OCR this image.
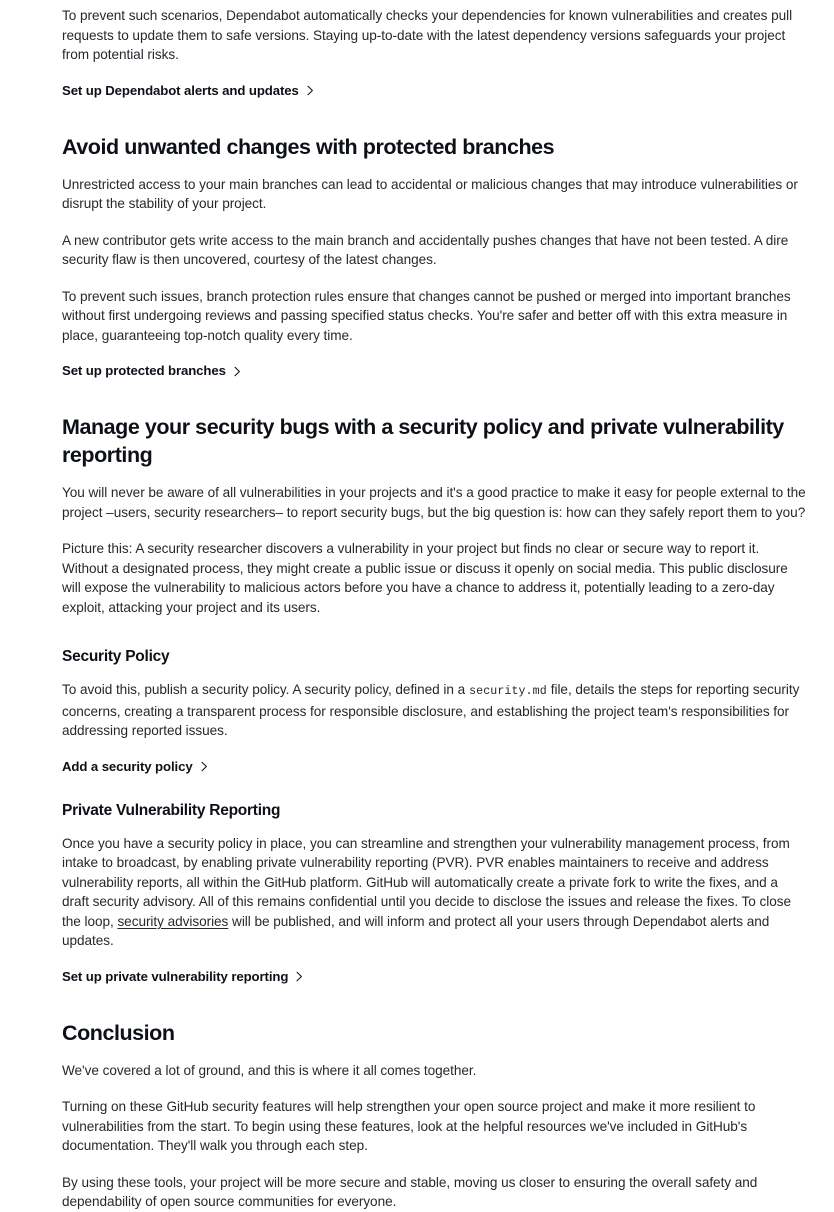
To prevent such scenarios, Dependabot automatically checks your dependencies for known vulnerabilities and creates pull requests to update them to safe versions. Staying up-to-date with the latest dependency versions safeguards your project from potential risks.

Set up Dependabot alerts and updates
Avoid unwanted changes with protected branches

Unrestricted access to your main branches can lead to accidental or malicious changes that may introduce vulnerabilities or disrupt the stability of your project.

A new contributor gets write access to the main branch and accidentally pushes changes that have not been tested. A dire security flaw is then uncovered, courtesy of the latest changes.

To prevent such issues, branch protection rules ensure that changes cannot be pushed or merged into important branches without first undergoing reviews and passing specified status checks. You're safer and better off with this extra measure in place, guaranteeing top-notch quality every time.

Set up protected branches
Manage your security bugs with a security policy and private vulnerability reporting

You will never be aware of all vulnerabilities in your projects and it's a good practice to make it easy for people external to the project –users, security researchers– to report security bugs, but the big question is: how can they safely report them to you?

Picture this: A security researcher discovers a vulnerability in your project but finds no clear or secure way to report it. Without a designated process, they might create a public issue or discuss it openly on social media. This public disclosure will expose the vulnerability to malicious actors before you have a chance to address it, potentially leading to a zero-day exploit, attacking your project and its users.

Security Policy

To avoid this, publish a security policy. A security policy, defined in a security.md file, details the steps for reporting security concerns, creating a transparent process for responsible disclosure, and establishing the project team's responsibilities for addressing reported issues.

Add a security policy
Private Vulnerability Reporting

Once you have a security policy in place, you can streamline and strengthen your vulnerability management process, from intake to broadcast, by enabling private vulnerability reporting (PVR). PVR enables maintainers to receive and address vulnerability reports, all within the GitHub platform. GitHub will automatically create a private fork to write the fixes, and a draft security advisory. All of this remains confidential until you decide to disclose the issues and release the fixes. To close the loop, security advisories will be published, and will inform and protect all your users through Dependabot alerts and updates.

Set up private vulnerability reporting
Conclusion

We've covered a lot of ground, and this is where it all comes together.

Turning on these GitHub security features will help strengthen your open source project and make it more resilient to vulnerabilities from the start. To begin using these features, look at the helpful resources we've included in GitHub's documentation. They'll walk you through each step.

By using these tools, your project will be more secure and stable, moving us closer to ensuring the overall safety and dependability of open source communities for everyone.
